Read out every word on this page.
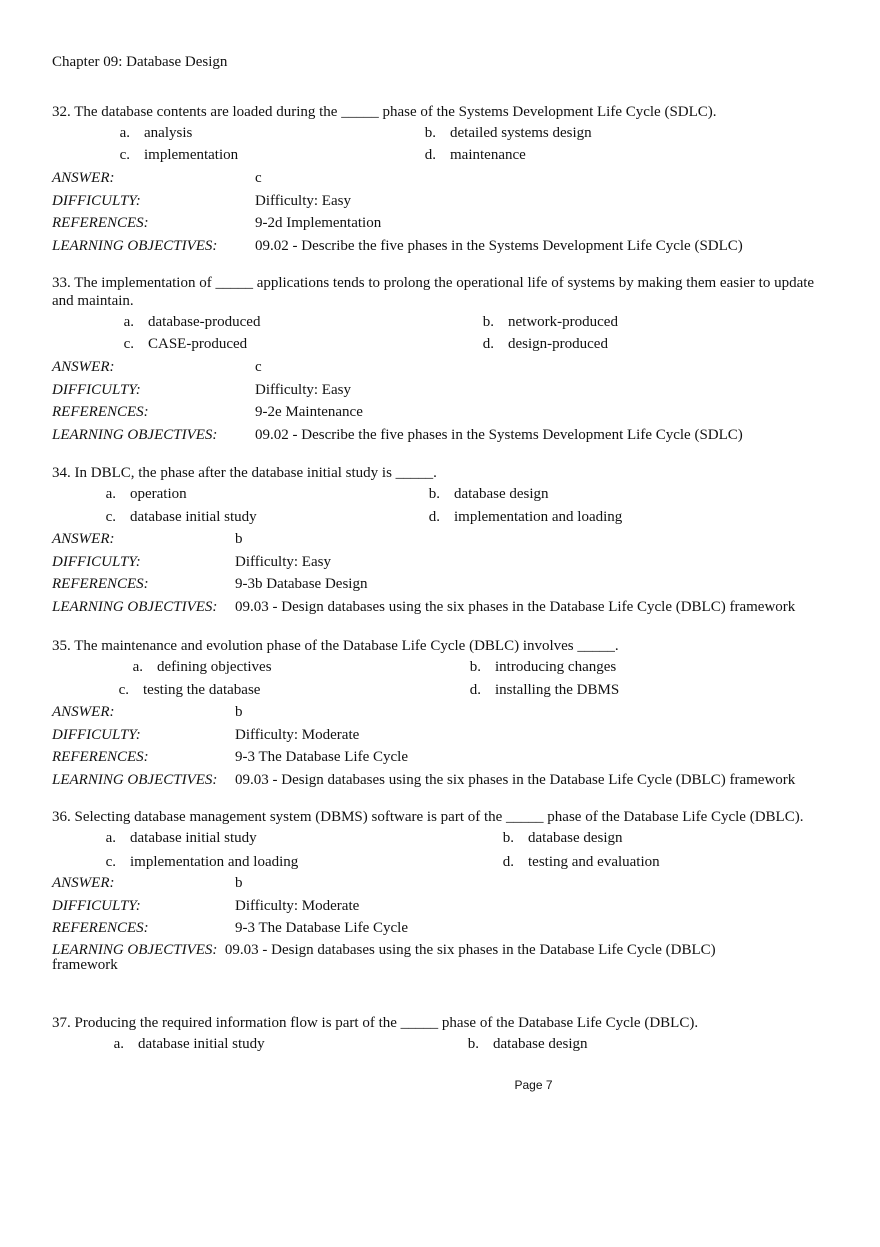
Chapter 09: Database Design
32. The database contents are loaded during the _____ phase of the Systems Development Life Cycle (SDLC).
a. analysis	b. detailed systems design
c. implementation	d. maintenance
ANSWER:	c
DIFFICULTY:	Difficulty: Easy
REFERENCES:	9-2d Implementation
LEARNING OBJECTIVES:	09.02 - Describe the five phases in the Systems Development Life Cycle (SDLC)
33. The implementation of _____ applications tends to prolong the operational life of systems by making them easier to update and maintain.
a. database-produced	b. network-produced
c. CASE-produced	d. design-produced
ANSWER:	c
DIFFICULTY:	Difficulty: Easy
REFERENCES:	9-2e Maintenance
LEARNING OBJECTIVES:	09.02 - Describe the five phases in the Systems Development Life Cycle (SDLC)
34. In DBLC, the phase after the database initial study is _____.
a. operation	b. database design
c. database initial study	d. implementation and loading
ANSWER:	b
DIFFICULTY:	Difficulty: Easy
REFERENCES:	9-3b Database Design
LEARNING OBJECTIVES: 09.03 - Design databases using the six phases in the Database Life Cycle (DBLC) framework
35. The maintenance and evolution phase of the Database Life Cycle (DBLC) involves _____.
a. defining objectives	b. introducing changes
c. testing the database	d. installing the DBMS
ANSWER:	b
DIFFICULTY:	Difficulty: Moderate
REFERENCES:	9-3 The Database Life Cycle
LEARNING OBJECTIVES: 09.03 - Design databases using the six phases in the Database Life Cycle (DBLC) framework
36. Selecting database management system (DBMS) software is part of the _____ phase of the Database Life Cycle (DBLC).
a. database initial study	b. database design
c. implementation and loading	d. testing and evaluation
ANSWER:	b
DIFFICULTY:	Difficulty: Moderate
REFERENCES:	9-3 The Database Life Cycle
LEARNING OBJECTIVES: 09.03 - Design databases using the six phases in the Database Life Cycle (DBLC) framework
37. Producing the required information flow is part of the _____ phase of the Database Life Cycle (DBLC).
a. database initial study	b. database design
Page 7
